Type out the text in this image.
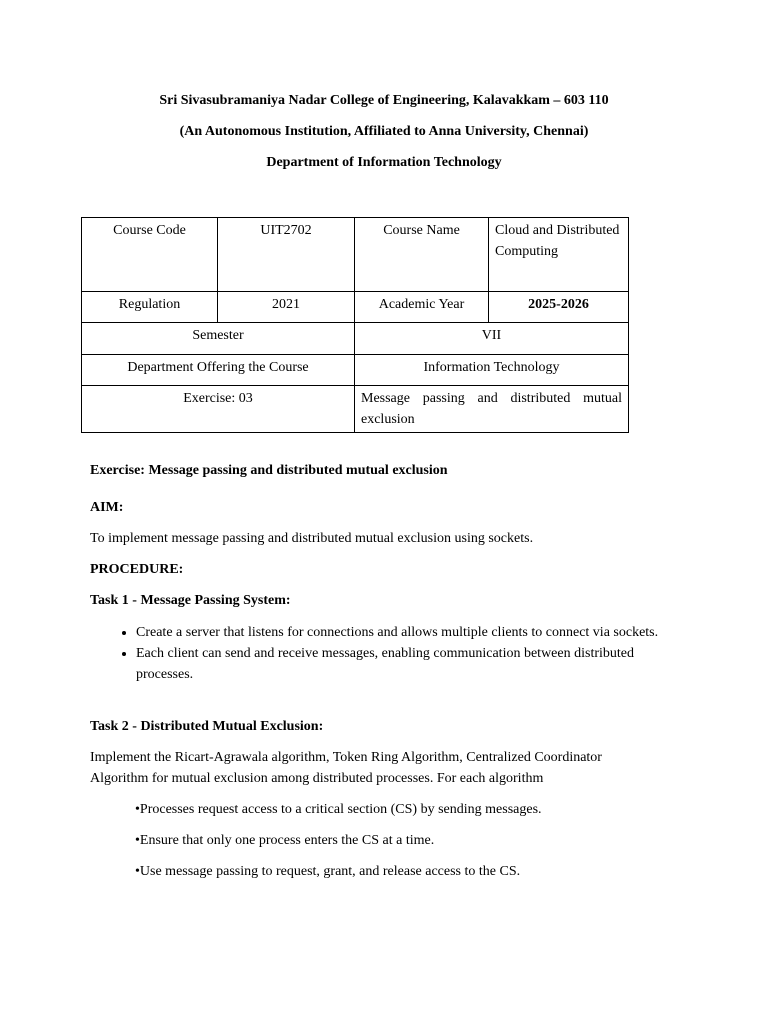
Sri Sivasubramaniya Nadar College of Engineering, Kalavakkam – 603 110
(An Autonomous Institution, Affiliated to Anna University, Chennai)
Department of Information Technology
Course Code	UIT2702	Course Name	Cloud and Distributed Computing
Regulation	2021	Academic Year	2025-2026
Semester		VII	
Department Offering the Course		Information Technology	
Exercise: 03		Message passing and distributed mutual exclusion	
Exercise: Message passing and distributed mutual exclusion
AIM:
To implement message passing and distributed mutual exclusion using sockets.
PROCEDURE:
Task 1 - Message Passing System:
• Create a server that listens for connections and allows multiple clients to connect via sockets.
• Each client can send and receive messages, enabling communication between distributed processes.
Task 2 - Distributed Mutual Exclusion:
Implement the Ricart-Agrawala algorithm, Token Ring Algorithm, Centralized Coordinator Algorithm for mutual exclusion among distributed processes. For each algorithm
•Processes request access to a critical section (CS) by sending messages.
•Ensure that only one process enters the CS at a time.
•Use message passing to request, grant, and release access to the CS.
